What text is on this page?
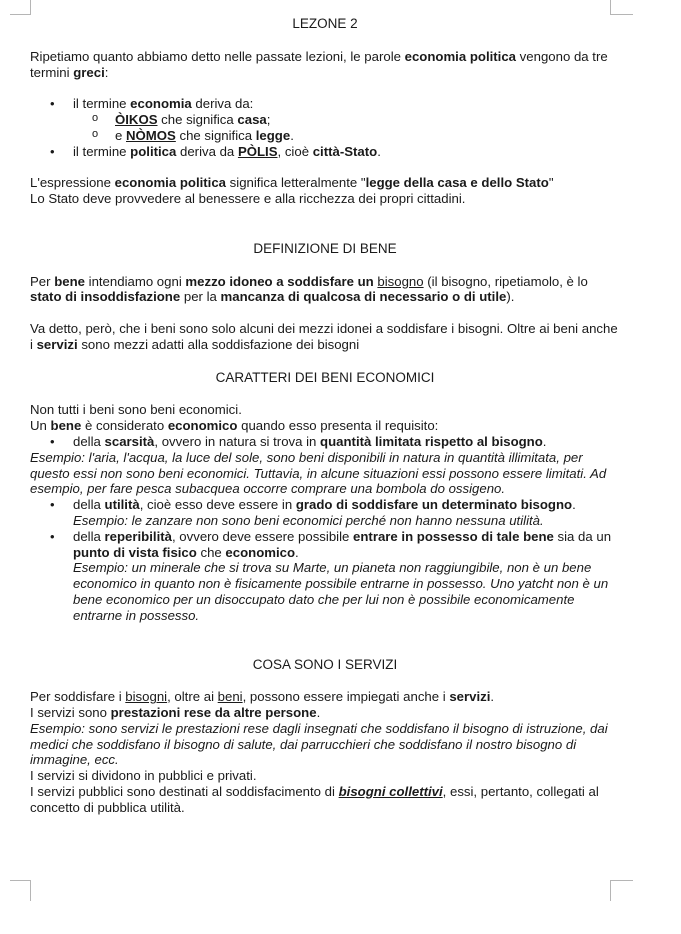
LEZONE 2

Ripetiamo quanto abbiamo detto nelle passate lezioni, le parole economia politica vengono da tre termini greci:

• il termine economia deriva da:
o ÒIKOS che significa casa;
o e NÒMOS che significa legge.
• il termine politica deriva da PÒLIS, cioè città-Stato.

L'espressione economia politica significa letteralmente "legge della casa e dello Stato"

Lo Stato deve provvedere al benessere e alla ricchezza dei propri cittadini.

DEFINIZIONE DI BENE

Per bene intendiamo ogni mezzo idoneo a soddisfare un bisogno (il bisogno, ripetiamolo, è lo stato di insoddisfazione per la mancanza di qualcosa di necessario o di utile).

Va detto, però, che i beni sono solo alcuni dei mezzi idonei a soddisfare i bisogni. Oltre ai beni anche i servizi sono mezzi adatti alla soddisfazione dei bisogni

CARATTERI DEI BENI ECONOMICI

Non tutti i beni sono beni economici.

Un bene è considerato economico quando esso presenta il requisito:

• della scarsità, ovvero in natura si trova in quantità limitata rispetto al bisogno.

Esempio: l'aria, l'acqua, la luce del sole, sono beni disponibili in natura in quantità illimitata, per questo essi non sono beni economici. Tuttavia, in alcune situazioni essi possono essere limitati. Ad esempio, per fare pesca subacquea occorre comprare una bombola do ossigeno.

• della utilità, cioè esso deve essere in grado di soddisfare un determinato bisogno.
Esempio: le zanzare non sono beni economici perché non hanno nessuna utilità.
• della reperibilità, ovvero deve essere possibile entrare in possesso di tale bene sia da un punto di vista fisico che economico.
Esempio: un minerale che si trova su Marte, un pianeta non raggiungibile, non è un bene economico in quanto non è fisicamente possibile entrarne in possesso. Uno yatcht non è un bene economico per un disoccupato dato che per lui non è possibile economicamente entrarne in possesso.

COSA SONO I SERVIZI

Per soddisfare i bisogni, oltre ai beni, possono essere impiegati anche i servizi.

I servizi sono prestazioni rese da altre persone.

Esempio: sono servizi le prestazioni rese dagli insegnati che soddisfano il bisogno di istruzione, dai medici che soddisfano il bisogno di salute, dai parrucchieri che soddisfano il nostro bisogno di immagine, ecc.

I servizi si dividono in pubblici e privati.

I servizi pubblici sono destinati al soddisfacimento di bisogni collettivi, essi, pertanto, collegati al concetto di pubblica utilità.
